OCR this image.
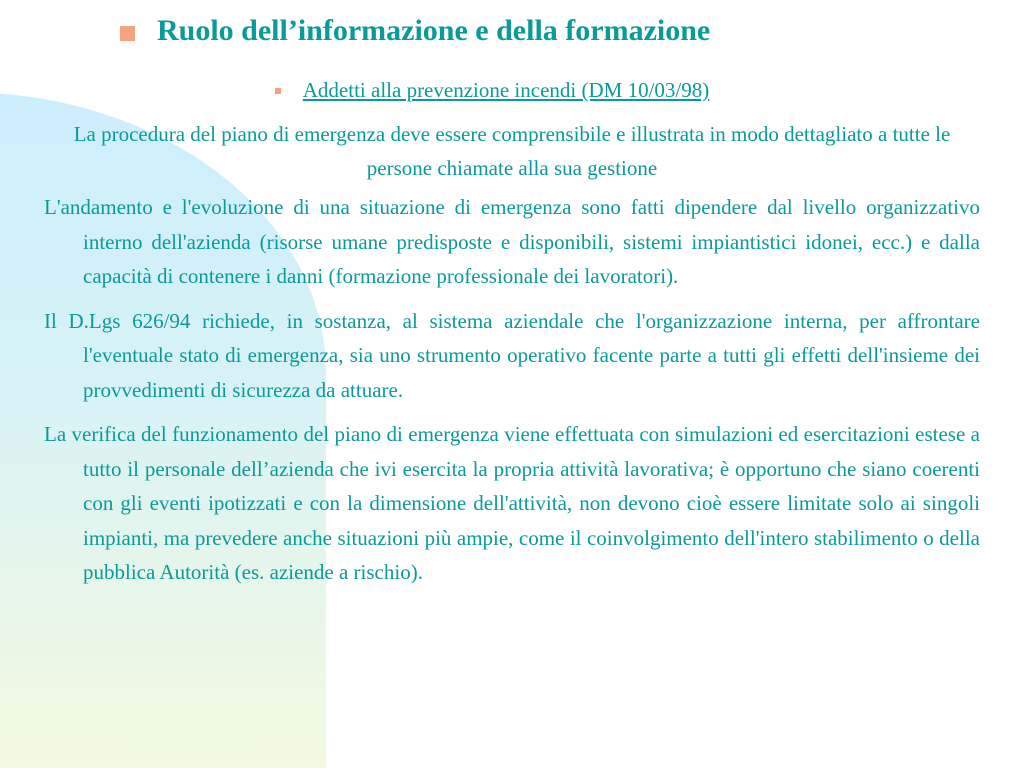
Ruolo dell’informazione e della formazione
Addetti alla prevenzione incendi (DM 10/03/98)
La procedura del piano di emergenza deve essere comprensibile e illustrata in modo dettagliato a tutte le persone chiamate alla sua gestione

L'andamento e l'evoluzione di una situazione di emergenza sono fatti dipendere dal livello organizzativo interno dell'azienda (risorse umane predisposte e disponibili, sistemi impiantistici idonei, ecc.) e dalla capacità di contenere i danni (formazione professionale dei lavoratori).

Il D.Lgs 626/94 richiede, in sostanza, al sistema aziendale che l'organizzazione interna, per affrontare l'eventuale stato di emergenza, sia uno strumento operativo facente parte a tutti gli effetti dell'insieme dei provvedimenti di sicurezza da attuare.

La verifica del funzionamento del piano di emergenza viene effettuata con simulazioni ed esercitazioni estese a tutto il personale dell’azienda che ivi esercita la propria attività lavorativa; è opportuno che siano coerenti con gli eventi ipotizzati e con la dimensione dell'attività, non devono cioè essere limitate solo ai singoli impianti, ma prevedere anche situazioni più ampie, come il coinvolgimento dell'intero stabilimento o della pubblica Autorità (es. aziende a rischio).
